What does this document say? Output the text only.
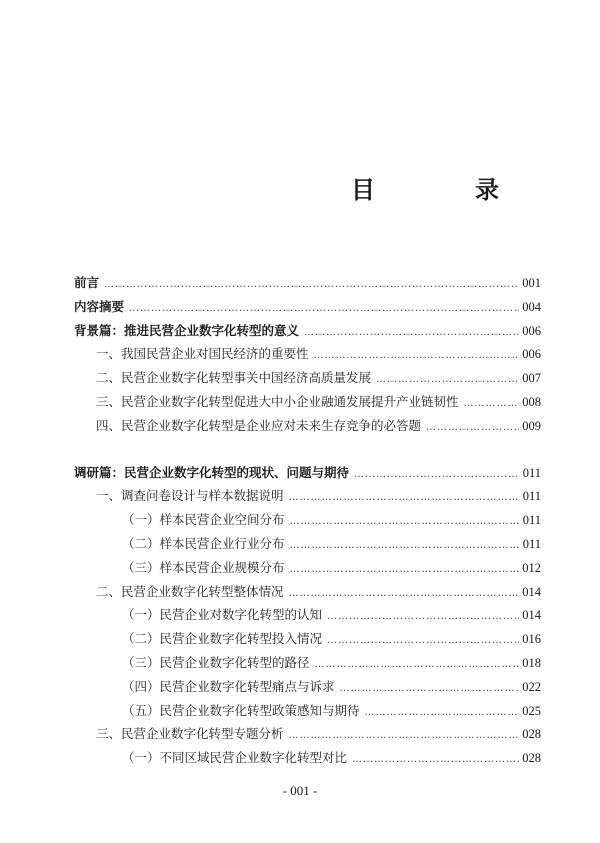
目　录
前言 ………………………………………………………………………………………………………………………………………………………………………………………………………………	001
内容摘要 ………………………………………………………………………………………………………………………………………………………………………………………………………………	004
背景篇：推进民营企业数字化转型的意义 ………………………………………………………………………………………………………………………………………………………………………………………………………………	006
一、我国民营企业对国民经济的重要性 ………………………………………………………………………………………………………………………………………………………………………………………………………………	006
二、民营企业数字化转型事关中国经济高质量发展 ………………………………………………………………………………………………………………………………………………………………………………………………………………	007
三、民营企业数字化转型促进大中小企业融通发展提升产业链韧性 ………………………………………………………………………………………………………………………………………………………………………………………………………………	008
四、民营企业数字化转型是企业应对未来生存竞争的必答题 ………………………………………………………………………………………………………………………………………………………………………………………………………………	009
调研篇：民营企业数字化转型的现状、问题与期待 ………………………………………………………………………………………………………………………………………………………………………………………………………………	011
一、调查问卷设计与样本数据说明 ………………………………………………………………………………………………………………………………………………………………………………………………………………	011
（一）样本民营企业空间分布 ………………………………………………………………………………………………………………………………………………………………………………………………………………	011
（二）样本民营企业行业分布 ………………………………………………………………………………………………………………………………………………………………………………………………………………	011
（三）样本民营企业规模分布 ………………………………………………………………………………………………………………………………………………………………………………………………………………	012
二、民营企业数字化转型整体情况 ………………………………………………………………………………………………………………………………………………………………………………………………………………	014
（一）民营企业对数字化转型的认知 ………………………………………………………………………………………………………………………………………………………………………………………………………………	014
（二）民营企业数字化转型投入情况 ………………………………………………………………………………………………………………………………………………………………………………………………………………	016
（三）民营企业数字化转型的路径 ………………………………………………………………………………………………………………………………………………………………………………………………………………	018
（四）民营企业数字化转型痛点与诉求 ………………………………………………………………………………………………………………………………………………………………………………………………………………	022
（五）民营企业数字化转型政策感知与期待 ………………………………………………………………………………………………………………………………………………………………………………………………………………	025
三、民营企业数字化转型专题分析 ………………………………………………………………………………………………………………………………………………………………………………………………………………	028
（一）不同区域民营企业数字化转型对比 ………………………………………………………………………………………………………………………………………………………………………………………………………………	028
- 001 -
